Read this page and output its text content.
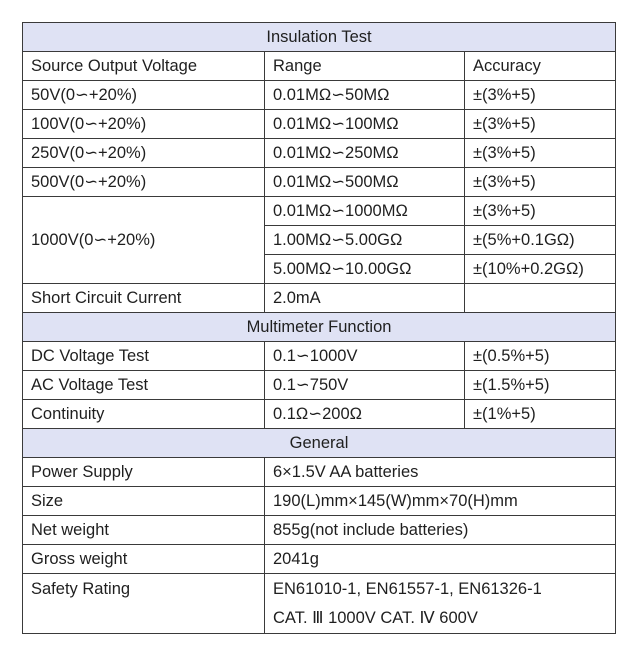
Insulation Test		
Source Output Voltage	Range	Accuracy
50V(0∽+20%)	0.01MΩ∽50MΩ	±(3%+5)
100V(0∽+20%)	0.01MΩ∽100MΩ	±(3%+5)
250V(0∽+20%)	0.01MΩ∽250MΩ	±(3%+5)
500V(0∽+20%)	0.01MΩ∽500MΩ	±(3%+5)
1000V(0∽+20%)	0.01MΩ∽1000MΩ	±(3%+5)
	1.00MΩ∽5.00GΩ	±(5%+0.1GΩ)
	5.00MΩ∽10.00GΩ	±(10%+0.2GΩ)
Short Circuit Current	2.0mA	
Multimeter Function		
DC Voltage Test	0.1∽1000V	±(0.5%+5)
AC Voltage Test	0.1∽750V	±(1.5%+5)
Continuity	0.1Ω∽200Ω	±(1%+5)
General		
Power Supply	6×1.5V AA batteries	
Size	190(L)mm×145(W)mm×70(H)mm	
Net weight	855g(not include batteries)	
Gross weight	2041g	
Safety Rating	EN61010-1, EN61557-1, EN61326-1
CAT. Ⅲ 1000V CAT. Ⅳ 600V	
